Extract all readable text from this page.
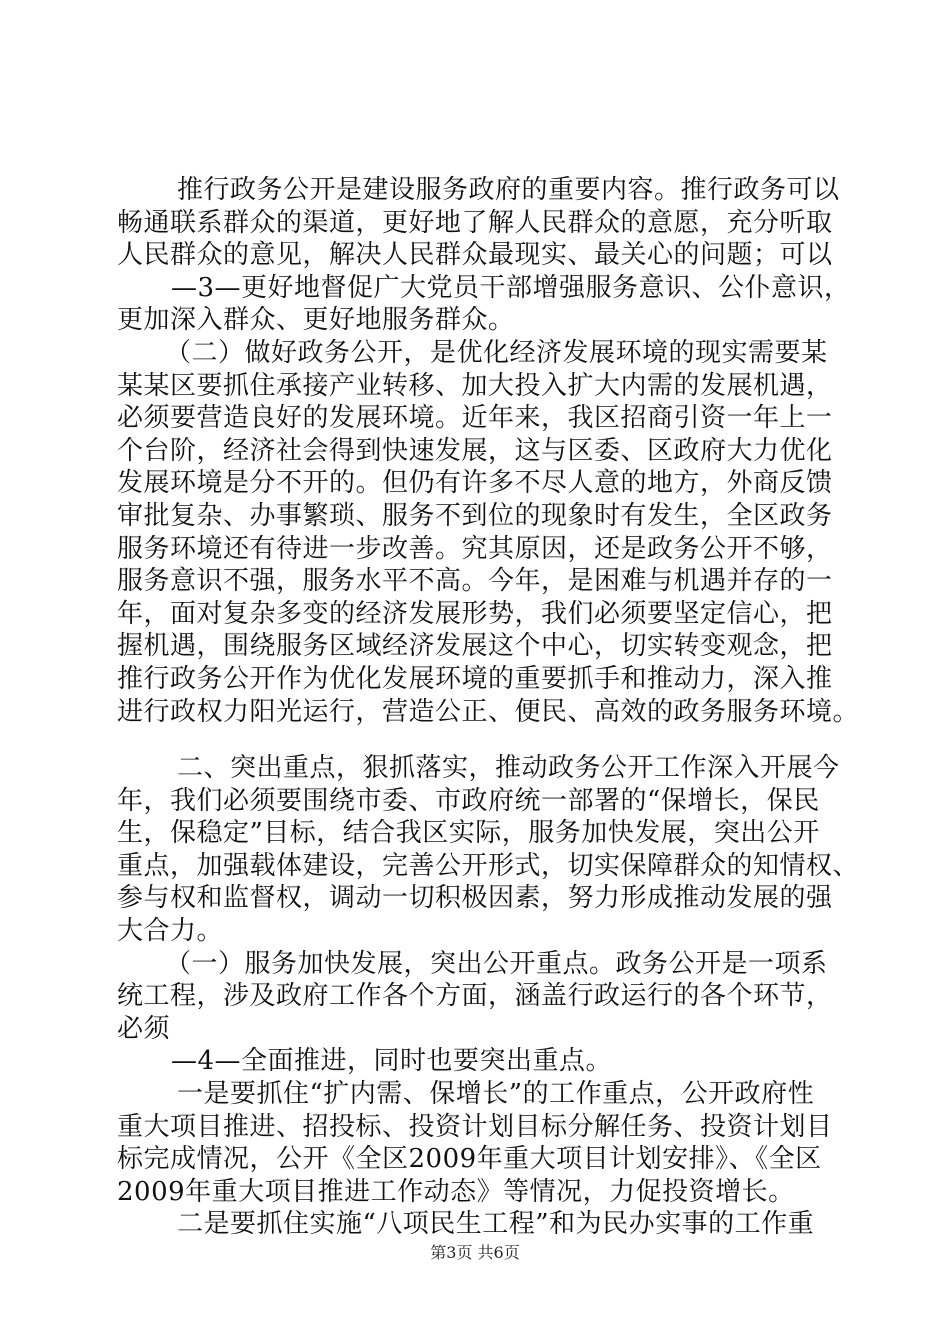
推行政务公开是建设服务政府的重要内容。推行政务可以
畅通联系群众的渠道，更好地了解人民群众的意愿，充分听取
人民群众的意见，解决人民群众最现实、最关心的问题；可以
—3—更好地督促广大党员干部增强服务意识、公仆意识，
更加深入群众、更好地服务群众。
（二）做好政务公开，是优化经济发展环境的现实需要某
某某区要抓住承接产业转移、加大投入扩大内需的发展机遇，
必须要营造良好的发展环境。近年来，我区招商引资一年上一
个台阶，经济社会得到快速发展，这与区委、区政府大力优化
发展环境是分不开的。但仍有许多不尽人意的地方，外商反馈
审批复杂、办事繁琐、服务不到位的现象时有发生，全区政务
服务环境还有待进一步改善。究其原因，还是政务公开不够，
服务意识不强，服务水平不高。今年，是困难与机遇并存的一
年，面对复杂多变的经济发展形势，我们必须要坚定信心，把
握机遇，围绕服务区域经济发展这个中心，切实转变观念，把
推行政务公开作为优化发展环境的重要抓手和推动力，深入推
进行政权力阳光运行，营造公正、便民、高效的政务服务环境。
二、突出重点，狠抓落实，推动政务公开工作深入开展今
年，我们必须要围绕市委、市政府统一部署的“保增长，保民
生，保稳定”目标，结合我区实际，服务加快发展，突出公开
重点，加强载体建设，完善公开形式，切实保障群众的知情权、
参与权和监督权，调动一切积极因素，努力形成推动发展的强
大合力。
（一）服务加快发展，突出公开重点。政务公开是一项系
统工程，涉及政府工作各个方面，涵盖行政运行的各个环节，
必须
—4—全面推进，同时也要突出重点。
一是要抓住“扩内需、保增长”的工作重点，公开政府性
重大项目推进、招投标、投资计划目标分解任务、投资计划目
标完成情况，公开《全区2009年重大项目计划安排》、《全区
2009年重大项目推进工作动态》等情况，力促投资增长。
二是要抓住实施“八项民生工程”和为民办实事的工作重
第3页 共6页
